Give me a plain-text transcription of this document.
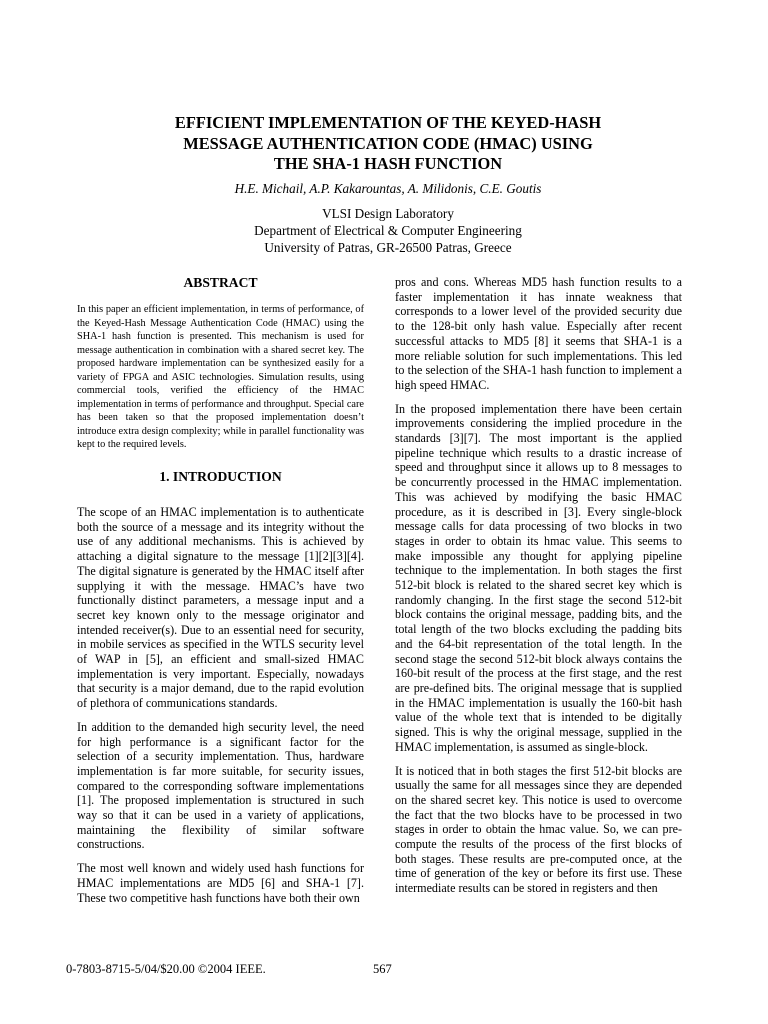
EFFICIENT IMPLEMENTATION OF THE KEYED-HASH
MESSAGE AUTHENTICATION CODE (HMAC) USING
THE SHA-1 HASH FUNCTION

H.E. Michail, A.P. Kakarountas, A. Milidonis, C.E. Goutis

VLSI Design Laboratory
Department of Electrical & Computer Engineering
University of Patras, GR-26500 Patras, Greece
ABSTRACT

In this paper an efficient implementation, in terms of performance, of the Keyed-Hash Message Authentication Code (HMAC) using the SHA-1 hash function is presented. This mechanism is used for message authentication in combination with a shared secret key. The proposed hardware implementation can be synthesized easily for a variety of FPGA and ASIC technologies. Simulation results, using commercial tools, verified the efficiency of the HMAC implementation in terms of performance and throughput. Special care has been taken so that the proposed implementation doesn’t introduce extra design complexity; while in parallel functionality was kept to the required levels.

1. INTRODUCTION

The scope of an HMAC implementation is to authenticate both the source of a message and its integrity without the use of any additional mechanisms. This is achieved by attaching a digital signature to the message [1][2][3][4]. The digital signature is generated by the HMAC itself after supplying it with the message. HMAC’s have two functionally distinct parameters, a message input and a secret key known only to the message originator and intended receiver(s). Due to an essential need for security, in mobile services as specified in the WTLS security level of WAP in [5], an efficient and small-sized HMAC implementation is very important. Especially, nowadays that security is a major demand, due to the rapid evolution of plethora of communications standards.

In addition to the demanded high security level, the need for high performance is a significant factor for the selection of a security implementation. Thus, hardware implementation is far more suitable, for security issues, compared to the corresponding software implementations [1]. The proposed implementation is structured in such way so that it can be used in a variety of applications, maintaining the flexibility of similar software constructions.

The most well known and widely used hash functions for HMAC implementations are MD5 [6] and SHA-1 [7]. These two competitive hash functions have both their own

pros and cons. Whereas MD5 hash function results to a faster implementation it has innate weakness that corresponds to a lower level of the provided security due to the 128-bit only hash value. Especially after recent successful attacks to MD5 [8] it seems that SHA-1 is a more reliable solution for such implementations. This led to the selection of the SHA-1 hash function to implement a high speed HMAC.

In the proposed implementation there have been certain improvements considering the implied procedure in the standards [3][7]. The most important is the applied pipeline technique which results to a drastic increase of speed and throughput since it allows up to 8 messages to be concurrently processed in the HMAC implementation. This was achieved by modifying the basic HMAC procedure, as it is described in [3]. Every single-block message calls for data processing of two blocks in two stages in order to obtain its hmac value. This seems to make impossible any thought for applying pipeline technique to the implementation. In both stages the first 512-bit block is related to the shared secret key which is randomly changing. In the first stage the second 512-bit block contains the original message, padding bits, and the total length of the two blocks excluding the padding bits and the 64-bit representation of the total length. In the second stage the second 512-bit block always contains the 160-bit result of the process at the first stage, and the rest are pre-defined bits. The original message that is supplied in the HMAC implementation is usually the 160-bit hash value of the whole text that is intended to be digitally signed. This is why the original message, supplied in the HMAC implementation, is assumed as single-block.

It is noticed that in both stages the first 512-bit blocks are usually the same for all messages since they are depended on the shared secret key. This notice is used to overcome the fact that the two blocks have to be processed in two stages in order to obtain the hmac value. So, we can pre-compute the results of the process of the first blocks of both stages. These results are pre-computed once, at the time of generation of the key or before its first use. These intermediate results can be stored in registers and then

0-7803-8715-5/04/$20.00 ©2004 IEEE.	567
